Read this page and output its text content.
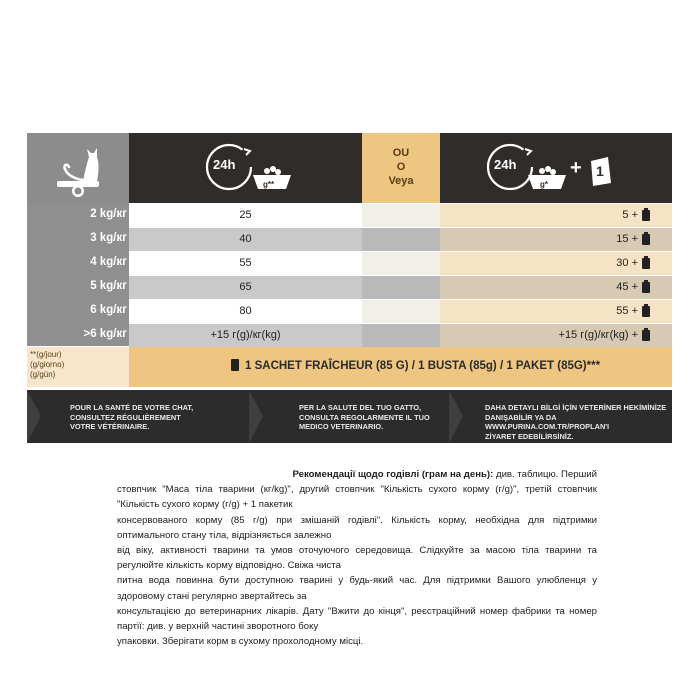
24h
g**
OU
O
Veya
24h
g*
+ 1
2 kg/кг	25	5 +
3 kg/кг	40	15 +
4 kg/кг	55	30 +
5 kg/кг	65	45 +
6 kg/кг	80	55 +
>6 kg/кг	+15 г(g)/кг(kg)	+15 г(g)/кг(kg) +
**(g/jour)
(g/giorno)
(g/gün)
1 SACHET FRAÎCHEUR (85 G) / 1 BUSTA (85g) / 1 PAKET (85G)***
POUR LA SANTÉ DE VOTRE CHAT,
CONSULTEZ RÉGULIÈREMENT
VOTRE VÉTÉRINAIRE.
PER LA SALUTE DEL TUO GATTO,
CONSULTA REGOLARMENTE IL TUO
MEDICO VETERINARIO.
DAHA DETAYLI BİLGİ İÇİN VETERİNER HEKİMİNİZE
DANIŞABİLİR YA DA WWW.PURINA.COM.TR/PROPLAN'I
ZİYARET EDEBİLİRSİNİZ.
Рекомендації щодо годівлі (грам на день): див. таблицю. Перший
стовпчик "Маса тіла тварини (кг/kg)", другий стовпчик "Кількість сухого корму (г/g)", третій стовпчик "Кількість сухого корму (г/g) + 1 пакетик
консервованого корму (85 г/g) при змішаній годівлі". Кількість корму, необхідна для підтримки оптимального стану тіла, відрізняється залежно
від віку, активності тварини та умов оточуючого середовища. Слідкуйте за масою тіла тварини та регулюйте кількість корму відповідно. Свіжа чиста
питна вода повинна бути доступною тварині у будь-який час. Для підтримки Вашого улюбленця у здоровому стані регулярно звертайтесь за
консультацією до ветеринарних лікарів. Дату "Вжити до кінця", реєстраційний номер фабрики та номер партії: див. у верхній частині зворотного боку
упаковки. Зберігати корм в сухому прохолодному місці.
